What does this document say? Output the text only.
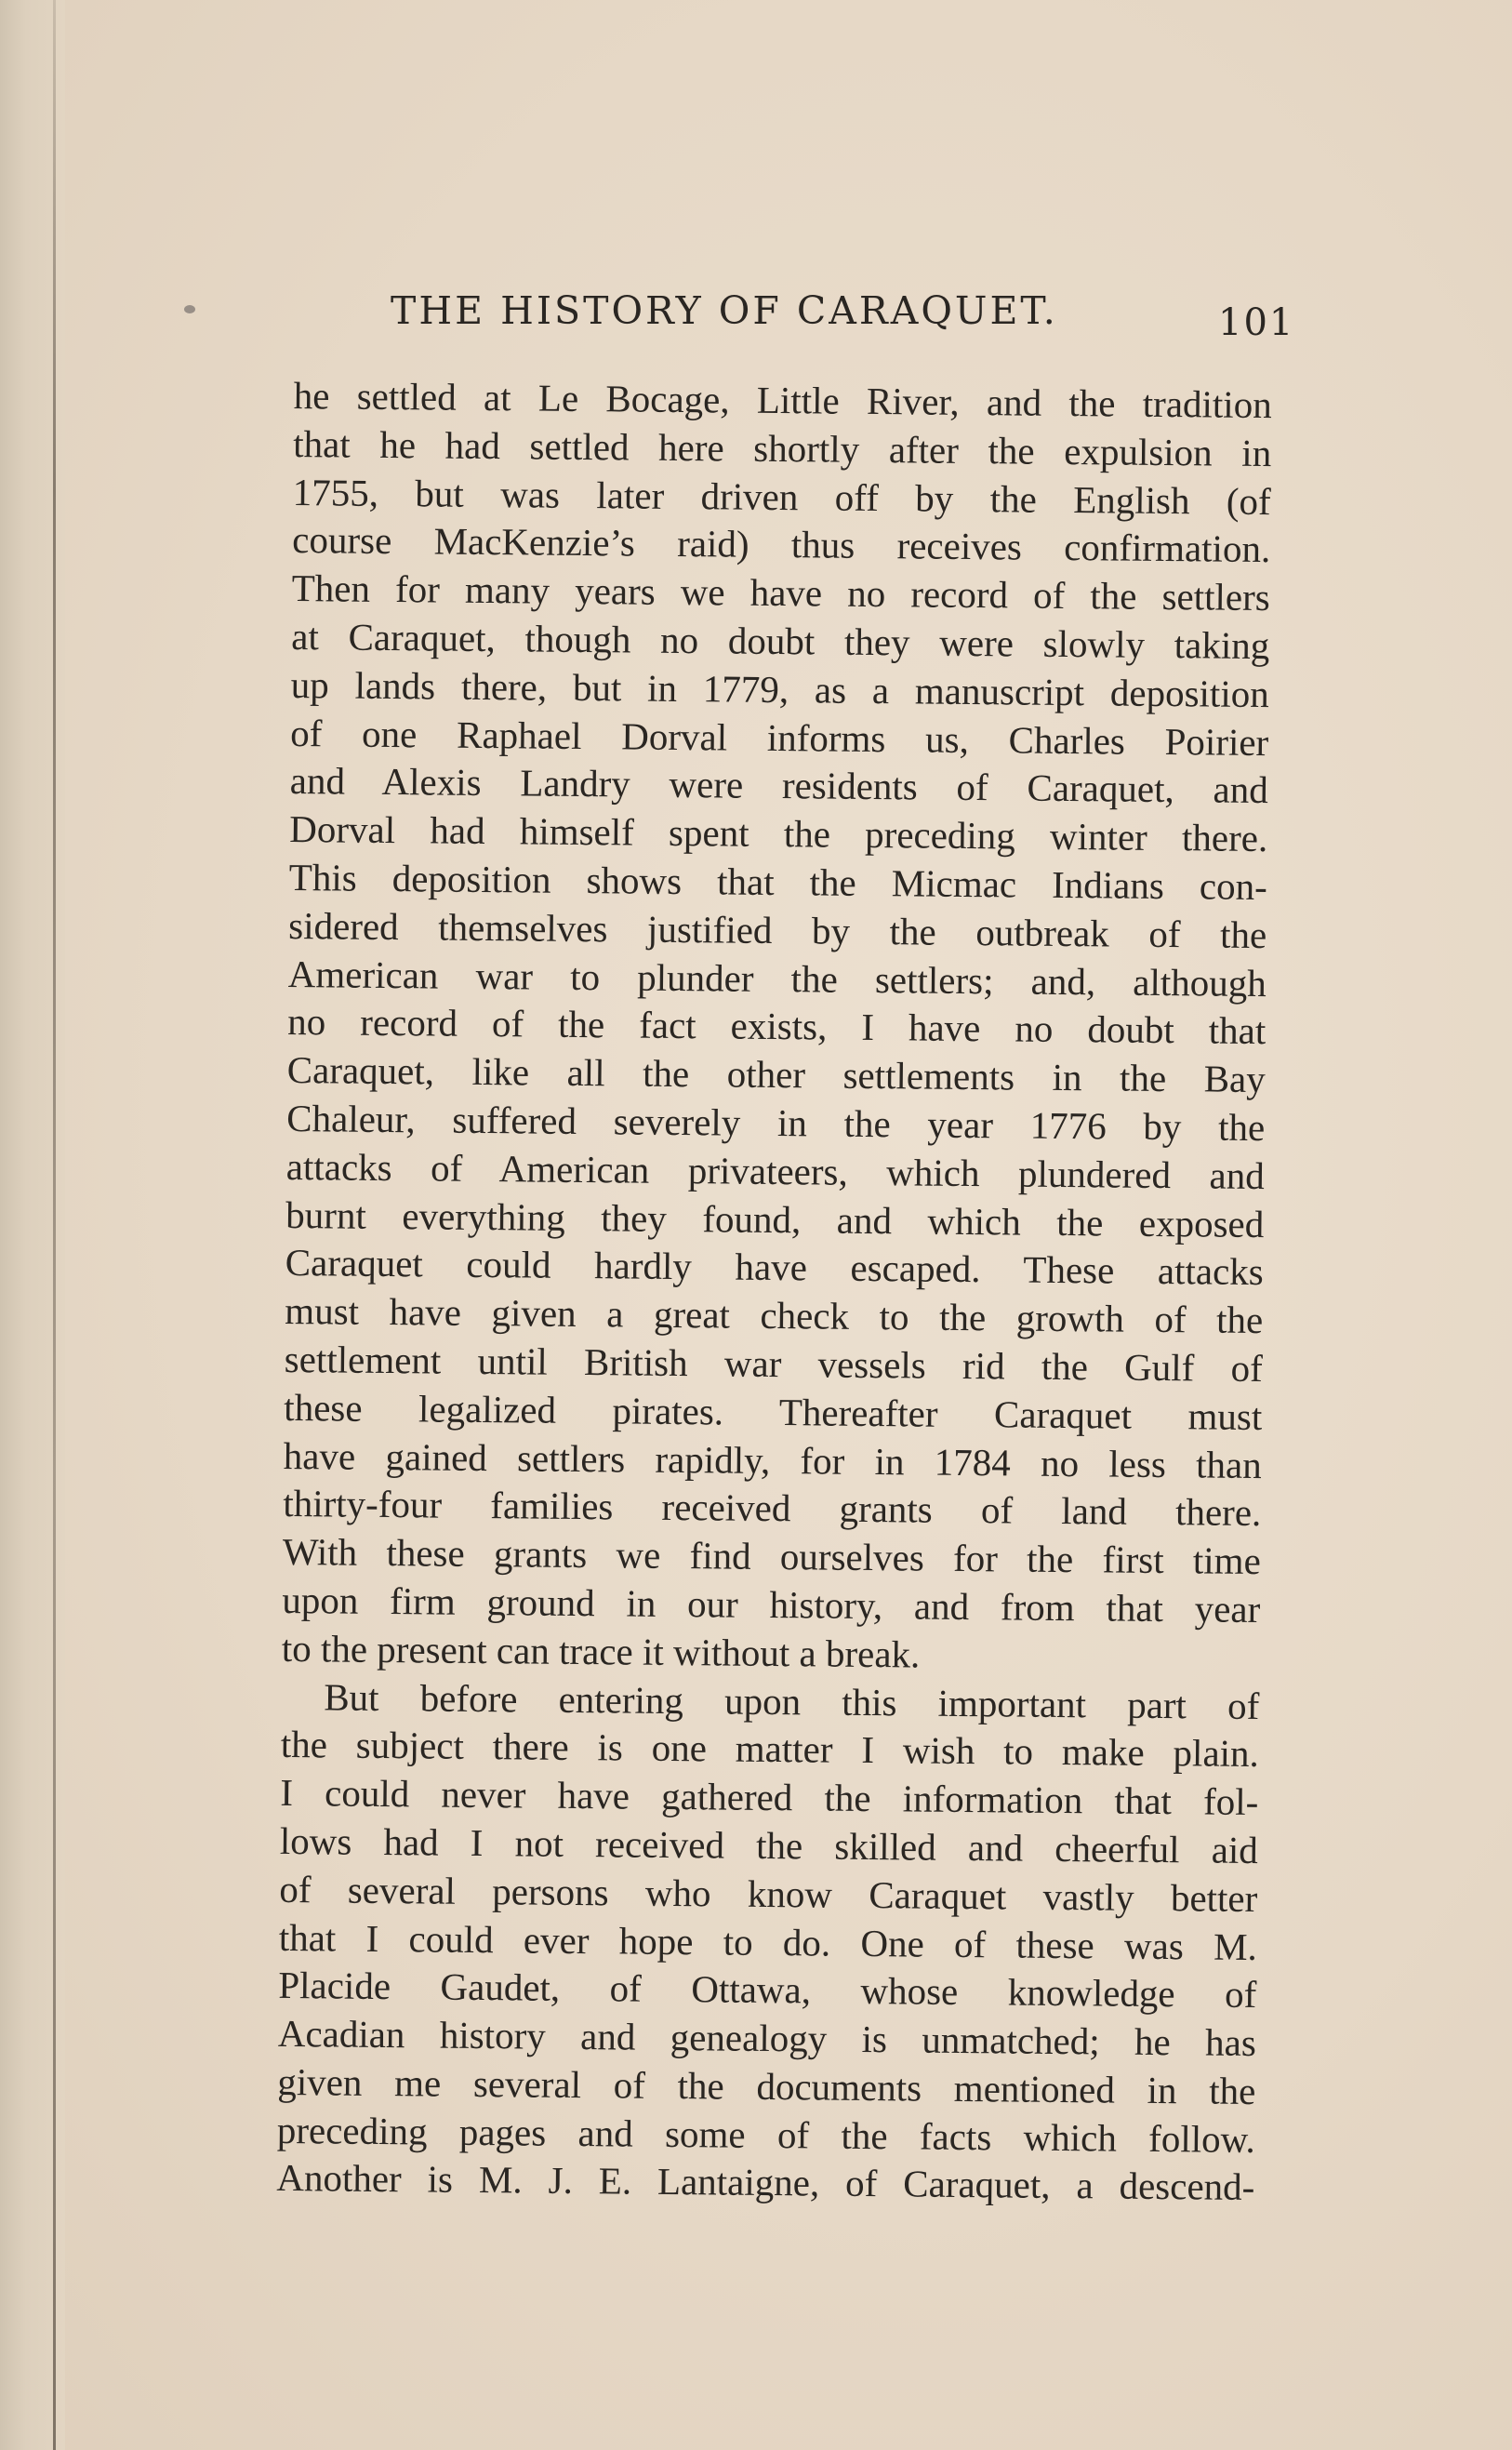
THE HISTORY OF CARAQUET.	101
he settled at Le Bocage, Little River, and the tradition
that he had settled here shortly after the expulsion in
1755, but was later driven off by the English (of
course MacKenzie’s raid) thus receives confirmation.
Then for many years we have no record of the settlers
at Caraquet, though no doubt they were slowly taking
up lands there, but in 1779, as a manuscript deposition
of one Raphael Dorval informs us, Charles Poirier
and Alexis Landry were residents of Caraquet, and
Dorval had himself spent the preceding winter there.
This deposition shows that the Micmac Indians con-
sidered themselves justified by the outbreak of the
American war to plunder the settlers; and, although
no record of the fact exists, I have no doubt that
Caraquet, like all the other settlements in the Bay
Chaleur, suffered severely in the year 1776 by the
attacks of American privateers, which plundered and
burnt everything they found, and which the exposed
Caraquet could hardly have escaped. These attacks
must have given a great check to the growth of the
settlement until British war vessels rid the Gulf of
these legalized pirates. Thereafter Caraquet must
have gained settlers rapidly, for in 1784 no less than
thirty-four families received grants of land there.
With these grants we find ourselves for the first time
upon firm ground in our history, and from that year
to the present can trace it without a break.
But before entering upon this important part of
the subject there is one matter I wish to make plain.
I could never have gathered the information that fol-
lows had I not received the skilled and cheerful aid
of several persons who know Caraquet vastly better
that I could ever hope to do. One of these was M.
Placide Gaudet, of Ottawa, whose knowledge of
Acadian history and genealogy is unmatched; he has
given me several of the documents mentioned in the
preceding pages and some of the facts which follow.
Another is M. J. E. Lantaigne, of Caraquet, a descend-
